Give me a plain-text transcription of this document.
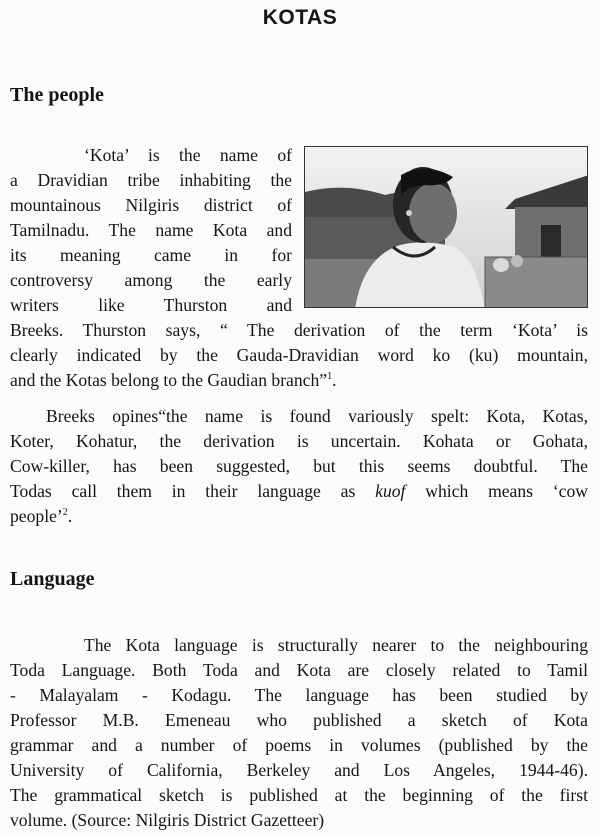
KOTAS
The people
‘Kota’ is the name of
a Dravidian tribe inhabiting the
mountainous Nilgiris district of
Tamilnadu. The name Kota and
its meaning came in for
controversy among the early
writers like Thurston and
Breeks. Thurston says, “ The derivation of the term ‘Kota’ is
clearly indicated by the Gauda-Dravidian word ko (ku) mountain,
and the Kotas belong to the Gaudian branch”$^1$.
Breeks opines“the name is found variously spelt: Kota, Kotas,
Koter, Kohatur, the derivation is uncertain. Kohata or Gohata,
Cow-killer, has been suggested, but this seems doubtful. The
Todas call them in their language as kuof which means ‘cow
people’$^2$.
Language
The Kota language is structurally nearer to the neighbouring
Toda Language. Both Toda and Kota are closely related to Tamil
- Malayalam - Kodagu. The language has been studied by
Professor M.B. Emeneau who published a sketch of Kota
grammar and a number of poems in volumes (published by the
University of California, Berkeley and Los Angeles, 1944-46).
The grammatical sketch is published at the beginning of the first
volume. (Source: Nilgiris District Gazetteer)
